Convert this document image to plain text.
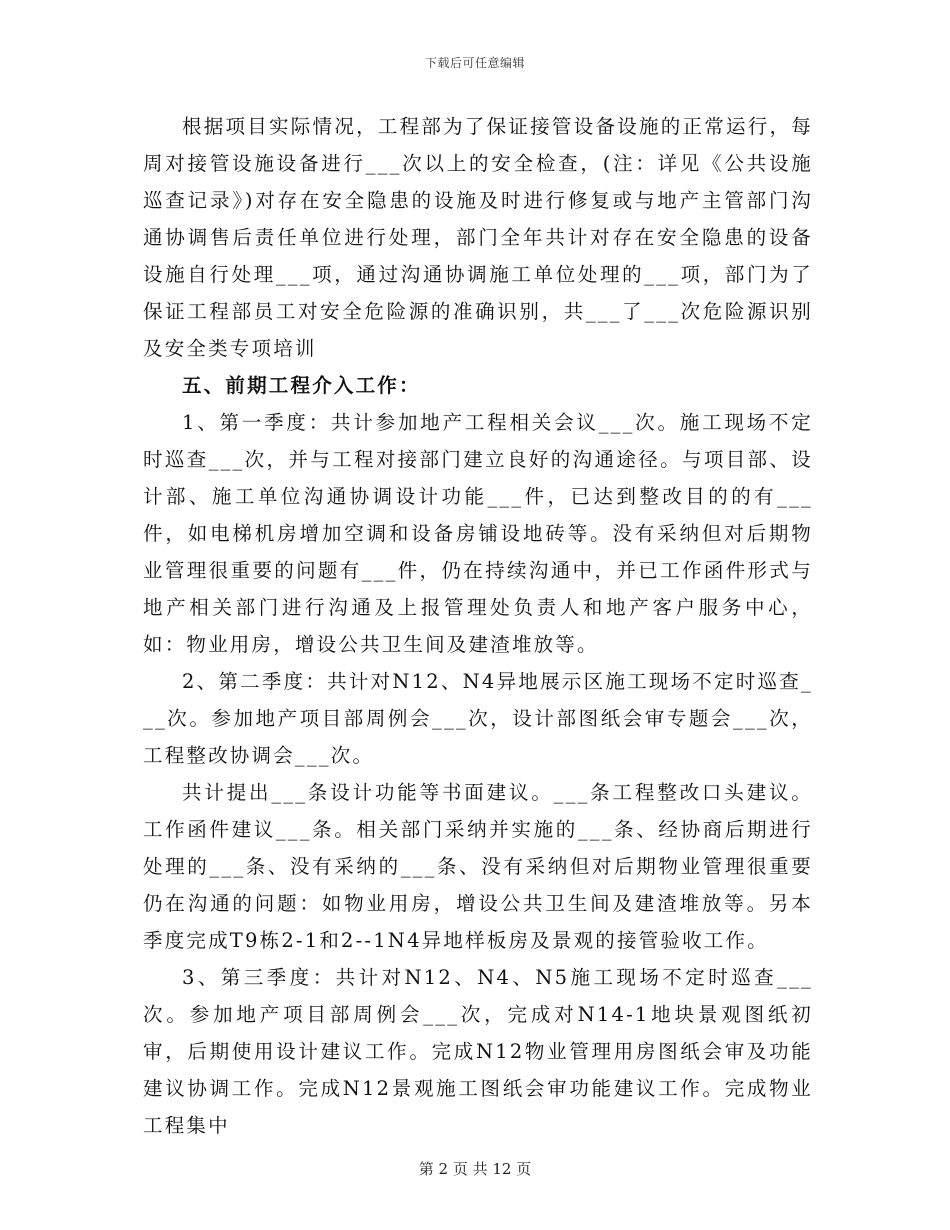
下载后可任意编辑

根据项目实际情况，工程部为了保证接管设备设施的正常运行，每周对接管设施设备进行___次以上的安全检查，(注：详见《公共设施巡查记录》)对存在安全隐患的设施及时进行修复或与地产主管部门沟通协调售后责任单位进行处理，部门全年共计对存在安全隐患的设备设施自行处理___项，通过沟通协调施工单位处理的___项，部门为了保证工程部员工对安全危险源的准确识别，共___了___次危险源识别及安全类专项培训

五、前期工程介入工作：

1、第一季度：共计参加地产工程相关会议___次。施工现场不定时巡查___次，并与工程对接部门建立良好的沟通途径。与项目部、设计部、施工单位沟通协调设计功能___件，已达到整改目的的有___件，如电梯机房增加空调和设备房铺设地砖等。没有采纳但对后期物业管理很重要的问题有___件，仍在持续沟通中，并已工作函件形式与地产相关部门进行沟通及上报管理处负责人和地产客户服务中心，如：物业用房，增设公共卫生间及建渣堆放等。

2、第二季度：共计对N12、N4异地展示区施工现场不定时巡查___次。参加地产项目部周例会___次，设计部图纸会审专题会___次，工程整改协调会___次。

共计提出___条设计功能等书面建议。___条工程整改口头建议。工作函件建议___条。相关部门采纳并实施的___条、经协商后期进行处理的___条、没有采纳的___条、没有采纳但对后期物业管理很重要仍在沟通的问题：如物业用房，增设公共卫生间及建渣堆放等。另本季度完成T9栋2-1和2--1N4异地样板房及景观的接管验收工作。

3、第三季度：共计对N12、N4、N5施工现场不定时巡查___次。参加地产项目部周例会___次，完成对N14-1地块景观图纸初审，后期使用设计建议工作。完成N12物业管理用房图纸会审及功能建议协调工作。完成N12景观施工图纸会审功能建议工作。完成物业工程集中

第 2 页 共 12 页
